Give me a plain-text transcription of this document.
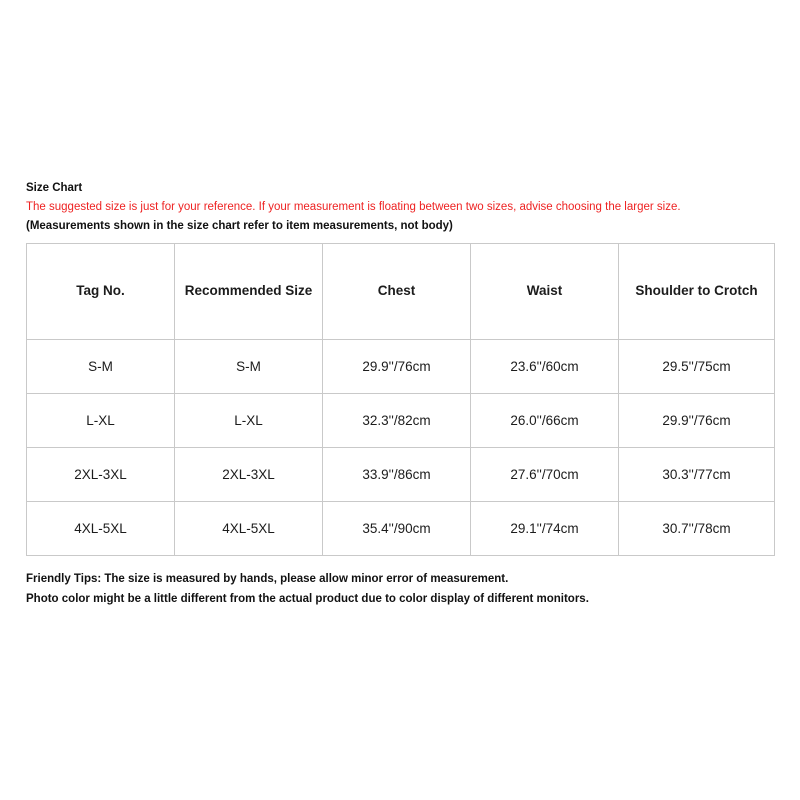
Size Chart
The suggested size is just for your reference. If your measurement is floating between two sizes, advise choosing the larger size.
(Measurements shown in the size chart refer to item measurements, not body)
Tag No.	Recommended Size	Chest	Waist	Shoulder to Crotch

S-M	S-M	29.9''/76cm	23.6''/60cm	29.5''/75cm
L-XL	L-XL	32.3''/82cm	26.0''/66cm	29.9''/76cm
2XL-3XL	2XL-3XL	33.9''/86cm	27.6''/70cm	30.3''/77cm
4XL-5XL	4XL-5XL	35.4''/90cm	29.1''/74cm	30.7''/78cm
Friendly Tips: The size is measured by hands, please allow minor error of measurement.
Photo color might be a little different from the actual product due to color display of different monitors.
